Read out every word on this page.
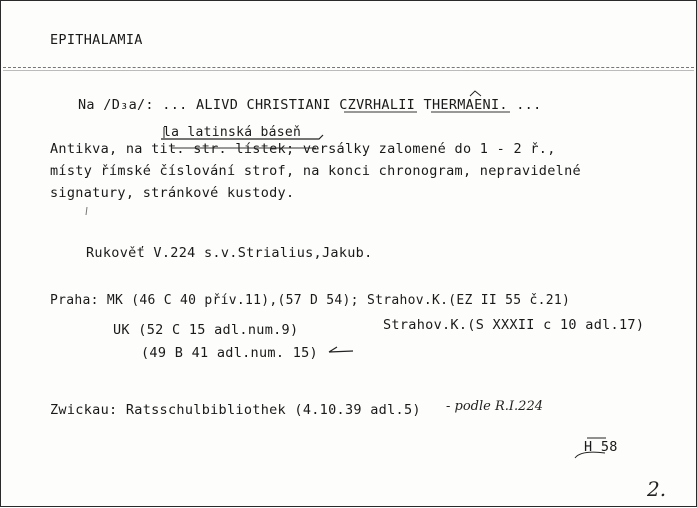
EPITHALAMIA
Na /D₃a/: ... ALIVD CHRISTIANI CZVRHALII THERMAENI. ...
la latinská báseň
Antikva, na tit. str. lístek; versálky zalomené do 1 - 2 ř.,
místy římské číslování strof, na konci chronogram, nepravidelné
signatury, stránkové kustody.
Rukověť V.224 s.v.Strialius,Jakub.
Praha: MK (46 C 40 přív.11),(57 D 54); Strahov.K.(EZ II 55 č.21)
UK (52 C 15 adl.num.9)	Strahov.K.(S XXXII c 10 adl.17)
(49 B 41 adl.num. 15)
Zwickau: Ratsschulbibliothek (4.10.39 adl.5) - podle R.I.224
H 58
2.
